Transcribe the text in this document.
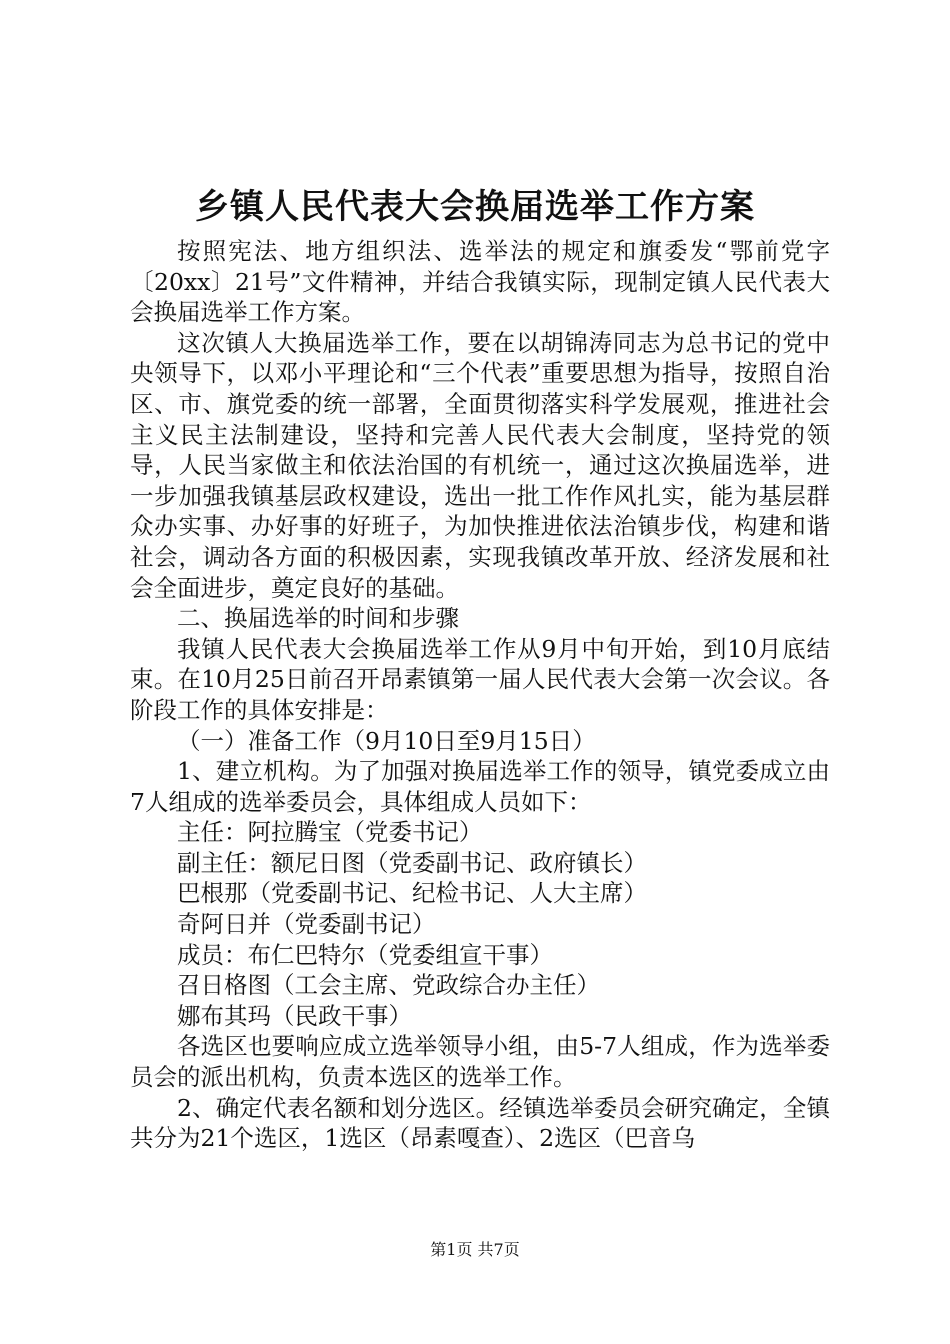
乡镇人民代表大会换届选举工作方案

按照宪法、地方组织法、选举法的规定和旗委发“鄂前党字〔20xx〕21号”文件精神，并结合我镇实际，现制定镇人民代表大会换届选举工作方案。

这次镇人大换届选举工作，要在以胡锦涛同志为总书记的党中央领导下，以邓小平理论和“三个代表”重要思想为指导，按照自治区、市、旗党委的统一部署，全面贯彻落实科学发展观，推进社会主义民主法制建设，坚持和完善人民代表大会制度，坚持党的领导，人民当家做主和依法治国的有机统一，通过这次换届选举，进一步加强我镇基层政权建设，选出一批工作作风扎实，能为基层群众办实事、办好事的好班子，为加快推进依法治镇步伐，构建和谐社会，调动各方面的积极因素，实现我镇改革开放、经济发展和社会全面进步，奠定良好的基础。

二、换届选举的时间和步骤

我镇人民代表大会换届选举工作从9月中旬开始，到10月底结束。在10月25日前召开昂素镇第一届人民代表大会第一次会议。各阶段工作的具体安排是：

（一）准备工作（9月10日至9月15日）

1、建立机构。为了加强对换届选举工作的领导，镇党委成立由7人组成的选举委员会，具体组成人员如下：

主任：阿拉腾宝（党委书记）

副主任：额尼日图（党委副书记、政府镇长）

巴根那（党委副书记、纪检书记、人大主席）

奇阿日并（党委副书记）

成员：布仁巴特尔（党委组宣干事）

召日格图（工会主席、党政综合办主任）

娜布其玛（民政干事）

各选区也要响应成立选举领导小组，由5-7人组成，作为选举委员会的派出机构，负责本选区的选举工作。

2、确定代表名额和划分选区。经镇选举委员会研究确定，全镇共分为21个选区，1选区（昂素嘎查）、2选区（巴音乌

第1页 共7页
